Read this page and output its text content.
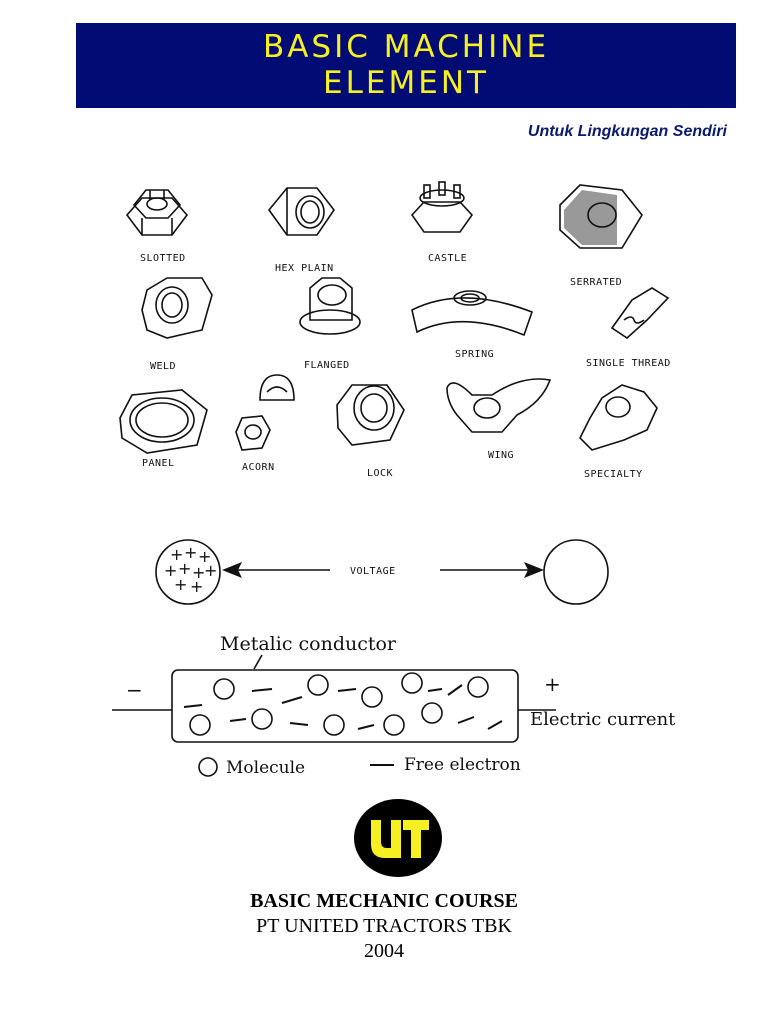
BASIC MACHINE
ELEMENT
Untuk Lingkungan Sendiri
SLOTTED
HEX PLAIN
CASTLE
SERRATED
WELD	FLANGED
SPRING
SINGLE THREAD
PANEL	ACORN
LOCK
WING
SPECIALTY
+ + +
+ + +
+
+ +
VOLTAGE
Metalic conductor
−	+
Electric current
Molecule	Free electron
BASIC MECHANIC COURSE
PT UNITED TRACTORS TBK
2004
